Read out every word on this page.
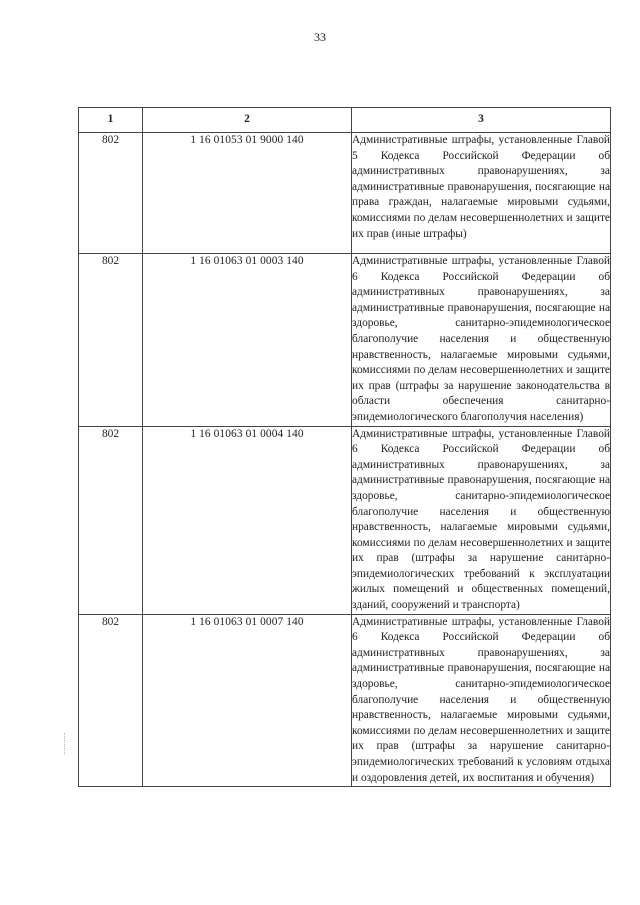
33
1	2	3
802	1 16 01053 01 9000 140	Административные штрафы, установленные Главой 5 Кодекса Российской Федерации об административных правонарушениях, за административные правонарушения, посягающие на права граждан, налагаемые мировыми судьями, комиссиями по делам несовершеннолетних и защите их прав (иные штрафы)
802	1 16 01063 01 0003 140	Административные штрафы, установленные Главой 6 Кодекса Российской Федерации об административных правонарушениях, за административные правонарушения, посягающие на здоровье, санитарно-эпидемиологическое благополучие населения и общественную нравственность, налагаемые мировыми судьями, комиссиями по делам несовершеннолетних и защите их прав (штрафы за нарушение законодательства в области обеспечения санитарно-эпидемиологического благополучия населения)
802	1 16 01063 01 0004 140	Административные штрафы, установленные Главой 6 Кодекса Российской Федерации об административных правонарушениях, за административные правонарушения, посягающие на здоровье, санитарно-эпидемиологическое благополучие населения и общественную нравственность, налагаемые мировыми судьями, комиссиями по делам несовершеннолетних и защите их прав (штрафы за нарушение санитарно-эпидемиологических требований к эксплуатации жилых помещений и общественных помещений, зданий, сооружений и транспорта)
802	1 16 01063 01 0007 140	Административные штрафы, установленные Главой 6 Кодекса Российской Федерации об административных правонарушениях, за административные правонарушения, посягающие на здоровье, санитарно-эпидемиологическое благополучие населения и общественную нравственность, налагаемые мировыми судьями, комиссиями по делам несовершеннолетних и защите их прав (штрафы за нарушение санитарно-эпидемиологических требований к условиям отдыха и оздоровления детей, их воспитания и обучения)
